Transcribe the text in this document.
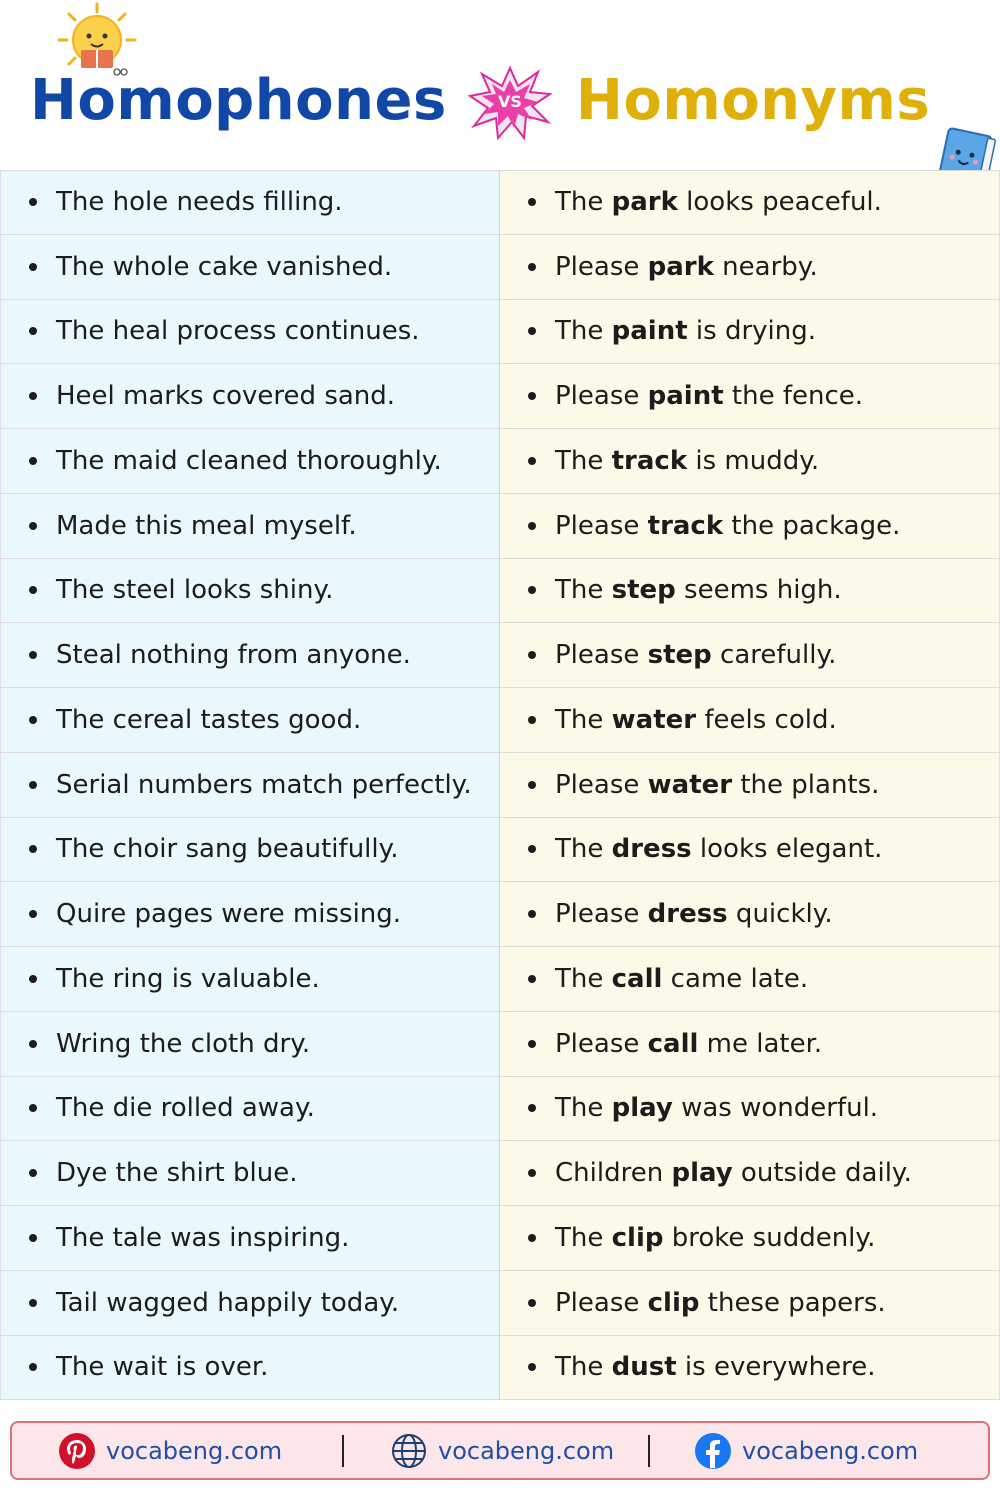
Homophones	VS Homonyms
The hole needs filling.	The park looks peaceful.
The whole cake vanished.	Please park nearby.
The heal process continues.	The paint is drying.
Heel marks covered sand.	Please paint the fence.
The maid cleaned thoroughly.	The track is muddy.
Made this meal myself.	Please track the package.
The steel looks shiny.	The step seems high.
Steal nothing from anyone.	Please step carefully.
The cereal tastes good.	The water feels cold.
Serial numbers match perfectly.	Please water the plants.
The choir sang beautifully.	The dress looks elegant.
Quire pages were missing.	Please dress quickly.
The ring is valuable.	The call came late.
Wring the cloth dry.	Please call me later.
The die rolled away.	The play was wonderful.
Dye the shirt blue.	Children play outside daily.
The tale was inspiring.	The clip broke suddenly.
Tail wagged happily today.	Please clip these papers.
The wait is over.	The dust is everywhere.
vocabeng.com	vocabeng.com	vocabeng.com
